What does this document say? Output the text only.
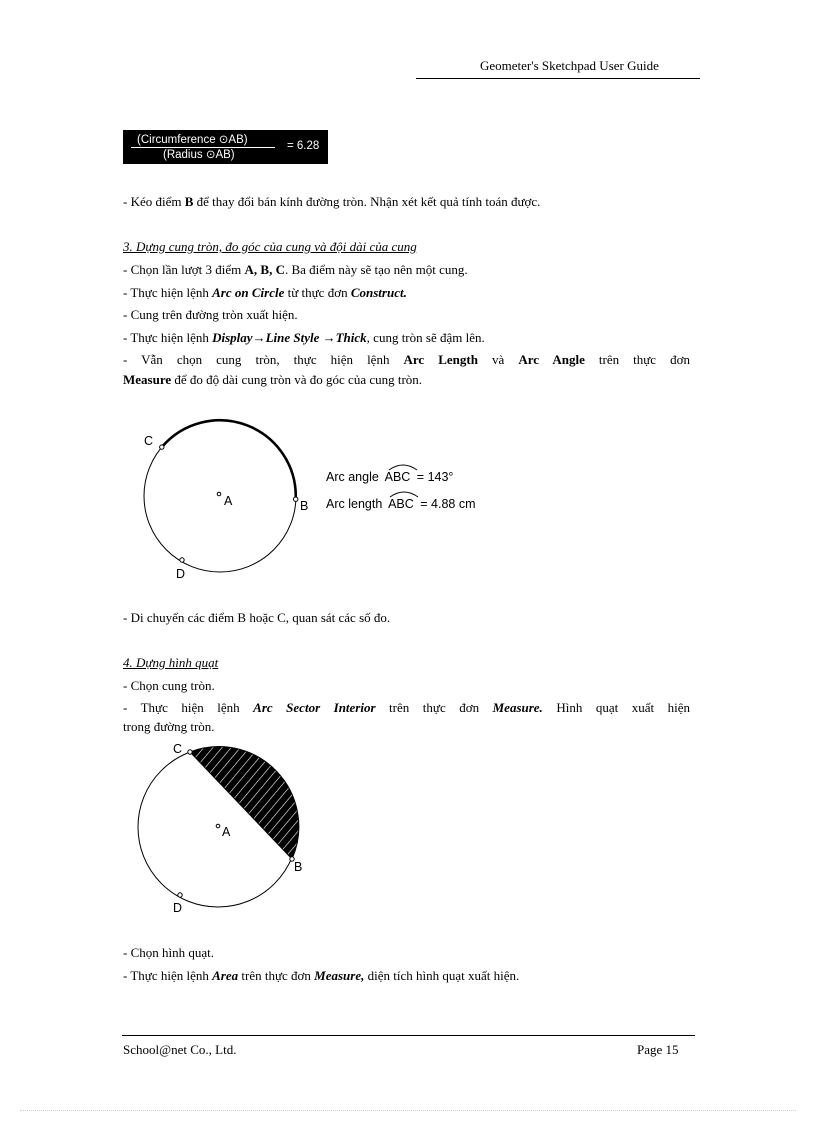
Geometer's Sketchpad User Guide
(Circumference ⊙AB)
(Radius ⊙AB)
= 6.28
- Kéo điểm B để thay đổi bán kính đường tròn. Nhận xét kết quả tính toán được.
3. Dựng cung tròn, đo góc của cung và đội dài của cung
- Chọn lần lượt 3 điểm A, B, C. Ba điểm này sẽ tạo nên một cung.
- Thực hiện lệnh Arc on Circle từ thực đơn Construct.
- Cung trên đường tròn xuất hiện.
- Thực hiện lệnh Display→Line Style →Thick, cung tròn sẽ đậm lên.
- Vẫn chọn cung tròn, thực hiện lệnh Arc Length và Arc Angle trên thực đơn
Measure để đo độ dài cung tròn và đo góc của cung tròn.
C
A	B
D
Arc angle ABC = 143°
Arc length ABC = 4.88 cm
- Di chuyển các điểm B hoặc C, quan sát các số đo.
4. Dựng hình quạt
- Chọn cung tròn.
- Thực hiện lệnh Arc Sector Interior trên thực đơn Measure. Hình quạt xuất hiện
trong đường tròn.
C
A
B
D
- Chọn hình quạt.
- Thực hiện lệnh Area trên thực đơn Measure, diện tích hình quạt xuất hiện.
School@net Co., Ltd.	Page 15
